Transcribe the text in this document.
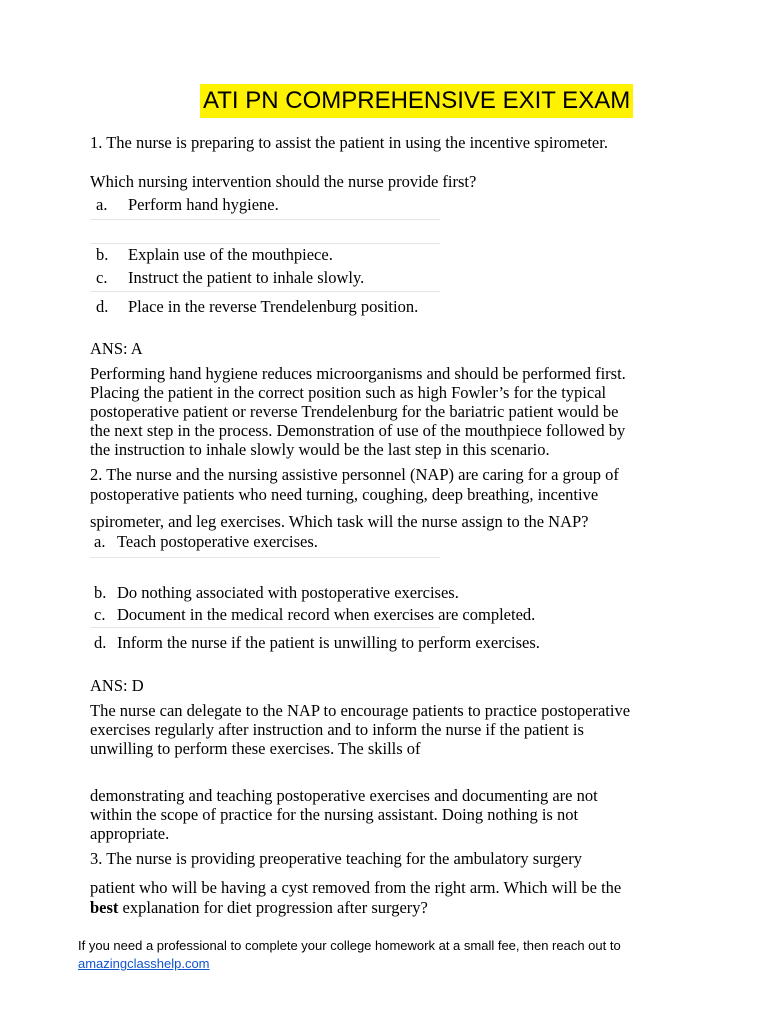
ATI PN COMPREHENSIVE EXIT EXAM
1. The nurse is preparing to assist the patient in using the incentive spirometer.
Which nursing intervention should the nurse provide first?
a. Perform hand hygiene.
b. Explain use of the mouthpiece.
c. Instruct the patient to inhale slowly.
d. Place in the reverse Trendelenburg position.
ANS: A
Performing hand hygiene reduces microorganisms and should be performed first.
Placing the patient in the correct position such as high Fowler’s for the typical
postoperative patient or reverse Trendelenburg for the bariatric patient would be
the next step in the process. Demonstration of use of the mouthpiece followed by
the instruction to inhale slowly would be the last step in this scenario.
2. The nurse and the nursing assistive personnel (NAP) are caring for a group of
postoperative patients who need turning, coughing, deep breathing, incentive
spirometer, and leg exercises. Which task will the nurse assign to the NAP?
a. Teach postoperative exercises.
b. Do nothing associated with postoperative exercises.
c. Document in the medical record when exercises are completed.
d. Inform the nurse if the patient is unwilling to perform exercises.
ANS: D
The nurse can delegate to the NAP to encourage patients to practice postoperative
exercises regularly after instruction and to inform the nurse if the patient is
unwilling to perform these exercises. The skills of
demonstrating and teaching postoperative exercises and documenting are not
within the scope of practice for the nursing assistant. Doing nothing is not
appropriate.
3. The nurse is providing preoperative teaching for the ambulatory surgery
patient who will be having a cyst removed from the right arm. Which will be the
best explanation for diet progression after surgery?
If you need a professional to complete your college homework at a small fee, then reach out to
amazingclasshelp.com
